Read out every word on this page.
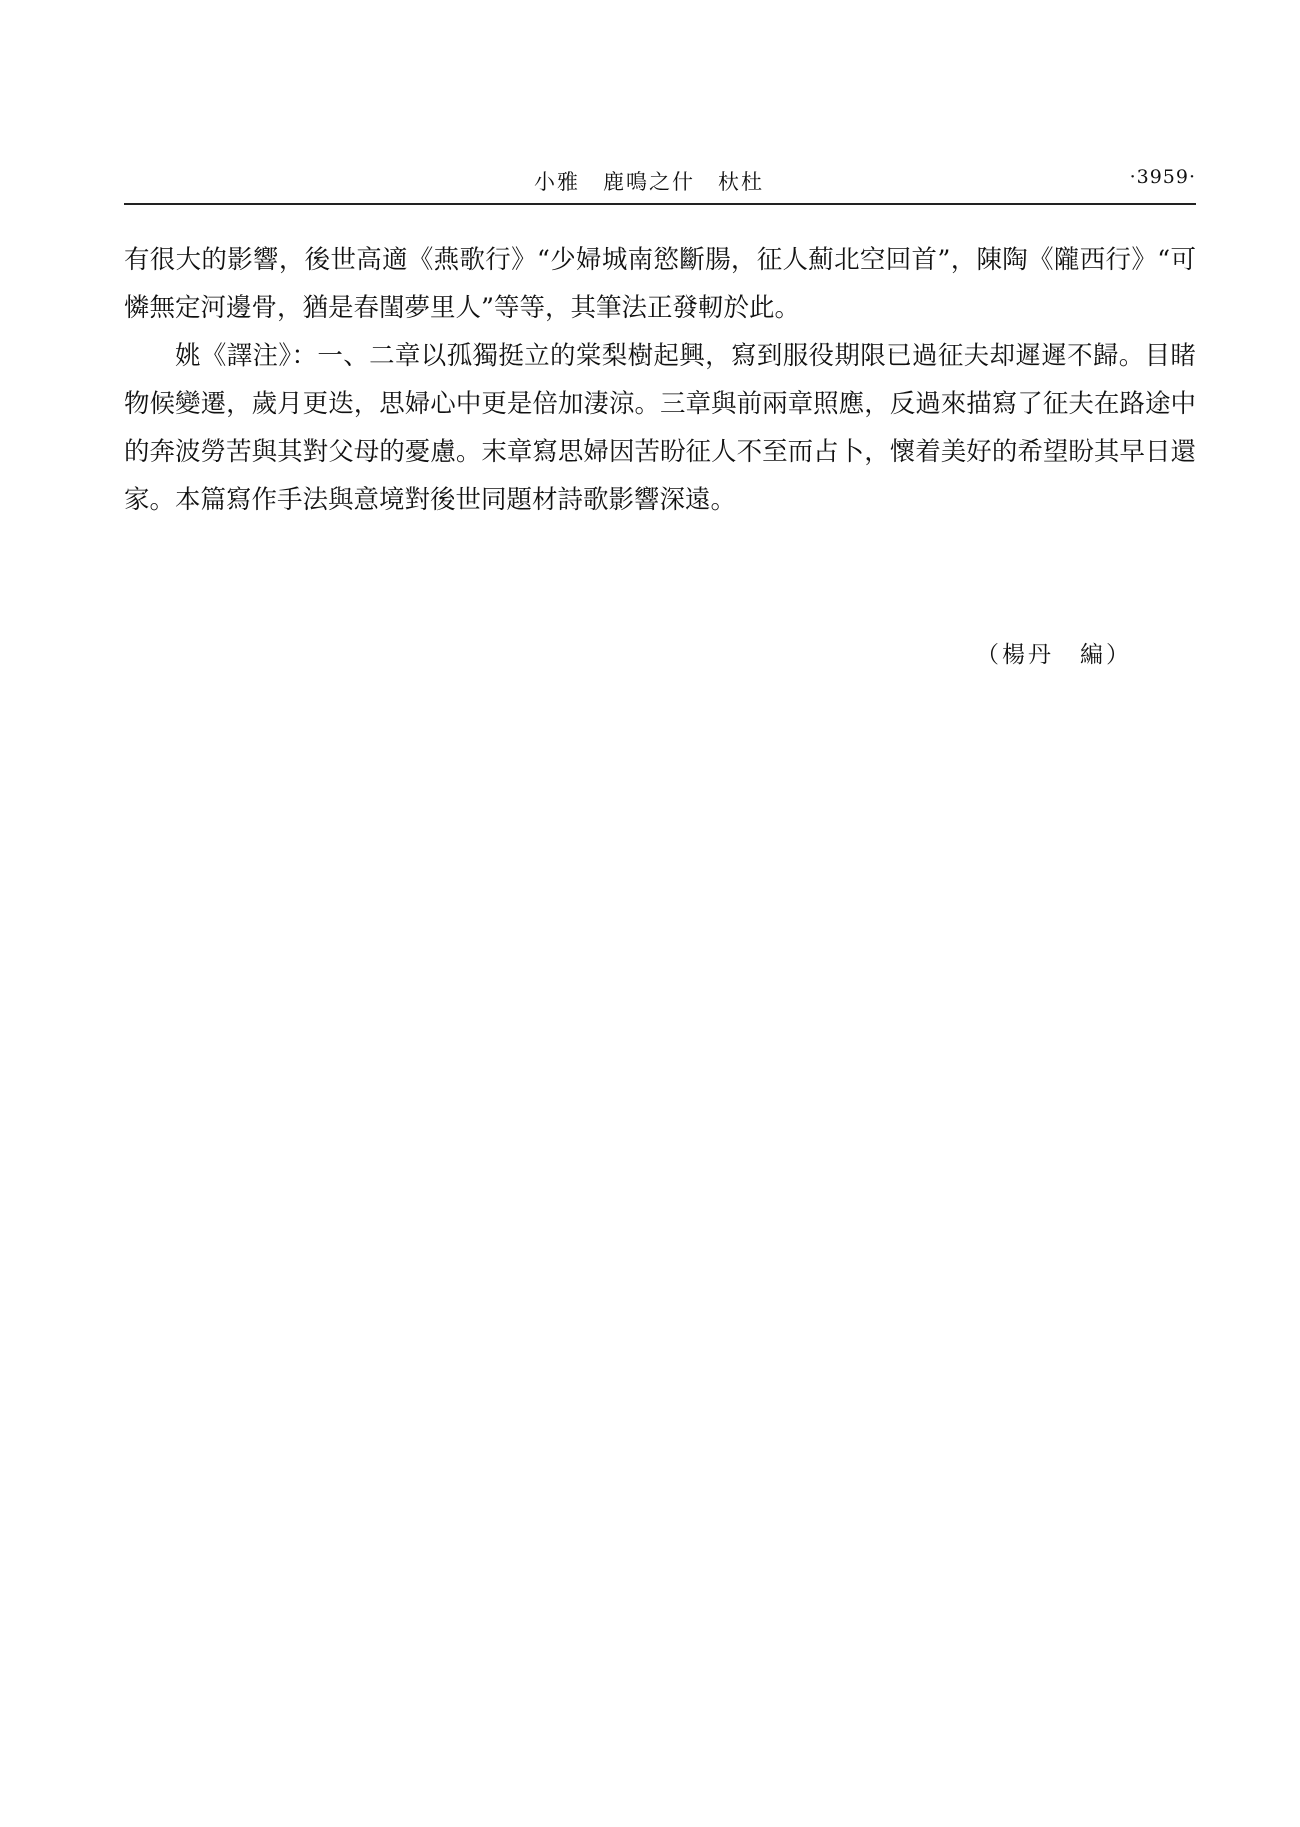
小雅　鹿鳴之什　杕杜	·3959·

有很大的影響，後世高適《燕歌行》“少婦城南慾斷腸，征人薊北空回首”，陳陶《隴西行》“可憐無定河邊骨，猶是春閨夢里人”等等，其筆法正發軔於此。

姚《譯注》：一、二章以孤獨挺立的棠梨樹起興，寫到服役期限已過征夫却遲遲不歸。目睹物候變遷，歲月更迭，思婦心中更是倍加淒涼。三章與前兩章照應，反過來描寫了征夫在路途中的奔波勞苦與其對父母的憂慮。末章寫思婦因苦盼征人不至而占卜，懷着美好的希望盼其早日還家。本篇寫作手法與意境對後世同題材詩歌影響深遠。

（楊丹　編）
